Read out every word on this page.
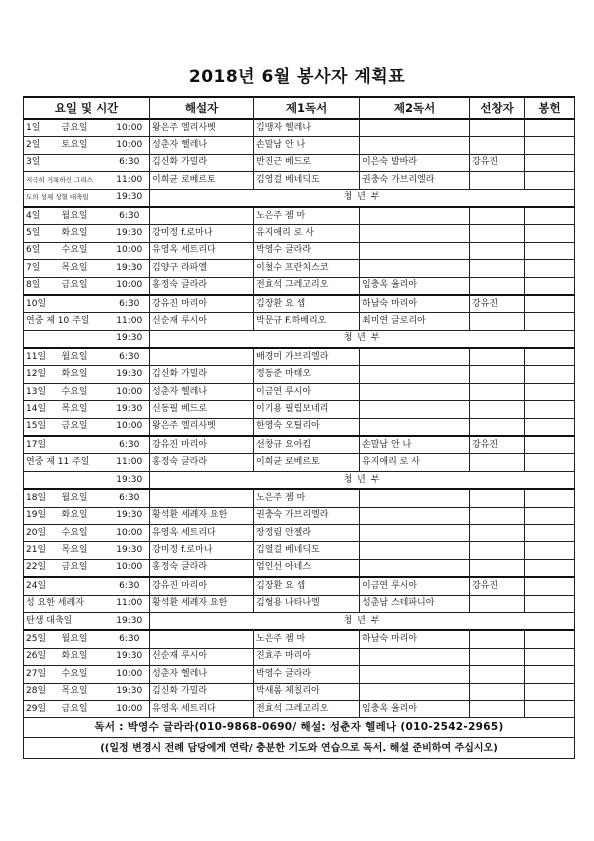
2018년 6월 봉사자 계획표
요일 및 시간			해설자	제1독서	제2독서	선창자	봉헌
1일	금요일	10:00	왕은주 엘리사벳	김맹자 헬레나			
2일	토요일	10:00	성춘자 헬레나	손말남 안 나			
3일		6:30	김신화 가밀라	반진근 베드로	이은숙 발바라	강유진	
지극히 거룩하신 그리스		11:00	이희균 로베르토	김영걸 베네딕도	권충숙 가브리엘라		
도의 성체 성혈 대축일		19:30	청 년 부				
4일	월요일	6:30		노은주 젬 마			
5일	화요일	19:30	강미정 f.로마나	유지애리 로 사			
6일	수요일	10:00	유영옥 세트리다	박영수 글라라			
7일	목요일	19:30	김양구 라파엘	이철수 프란치스코			
8일	금요일	10:00	홍정숙 글라라	전효석 그레고리오	임충옥 율리아		
10일		6:30	강유진 마리아	김장환 요 셉	하남숙 마리아	강유진	
연중 제 10 주일		11:00	신순재 루시아	박문규 F.하베리오	최미연 글로리아		
		19:30	청 년 부				
11일	월요일	6:30		배경미 가브리엘라			
12일	화요일	19:30	김신화 가밀라	정동준 마태오			
13일	수요일	10:00	성춘자 헬레나	이금연 루시아			
14일	목요일	19:30	신동필 베드로	이기용 필립보네리			
15일	금요일	10:00	왕은주 엘리사벳	한영숙 오틸리아			
17일		6:30	강유진 마리아	선창규 요아킴	손말남 안 나	강유진	
연중 제 11 주일		11:00	홍정숙 글라라	이희균 로베르토	유지애리 로 사		
		19:30	청 년 부				
18일	월요일	6:30		노은주 젬 마			
19일	화요일	19:30	황석환 세례자 요한	권충숙 가브리엘라			
20일	수요일	10:00	유영옥 세트리다	장정림 안젤라			
21일	목요일	19:30	강미정 f.로마나	김열걸 베네딕도			
22일	금요일	10:00	홍정숙 글라라	엄인선 아네스			
24일		6:30	강유진 마리아	김장환 요 셉	이금연 루시아	강유진	
성 요한 세례자		11:00	황석환 세례자 요한	김형용 나타나엘	성춘남 스테파니아		
탄생 대축일		19:30	청 년 부				
25일	월요일	6:30		노은주 젬 마	하남숙 마리아		
26일	화요일	19:30	신순재 루시아	진효주 마리아			
27일	수요일	10:00	성춘자 헬레나	박영수 글라라			
28일	목요일	19:30	김신화 가밀라	박새롬 체칠리아			
29일	금요일	10:00	유영옥 세트리다	전효석 그레고리오	임충옥 율리아		
독서 : 박영수 글라라(010-9868-0690/ 해설: 성춘자 헬레나 (010-2542-2965)							
((일정 변경시 전례 담당에게 연락/ 충분한 기도와 연습으로 독서. 해설 준비하여 주십시오)							
